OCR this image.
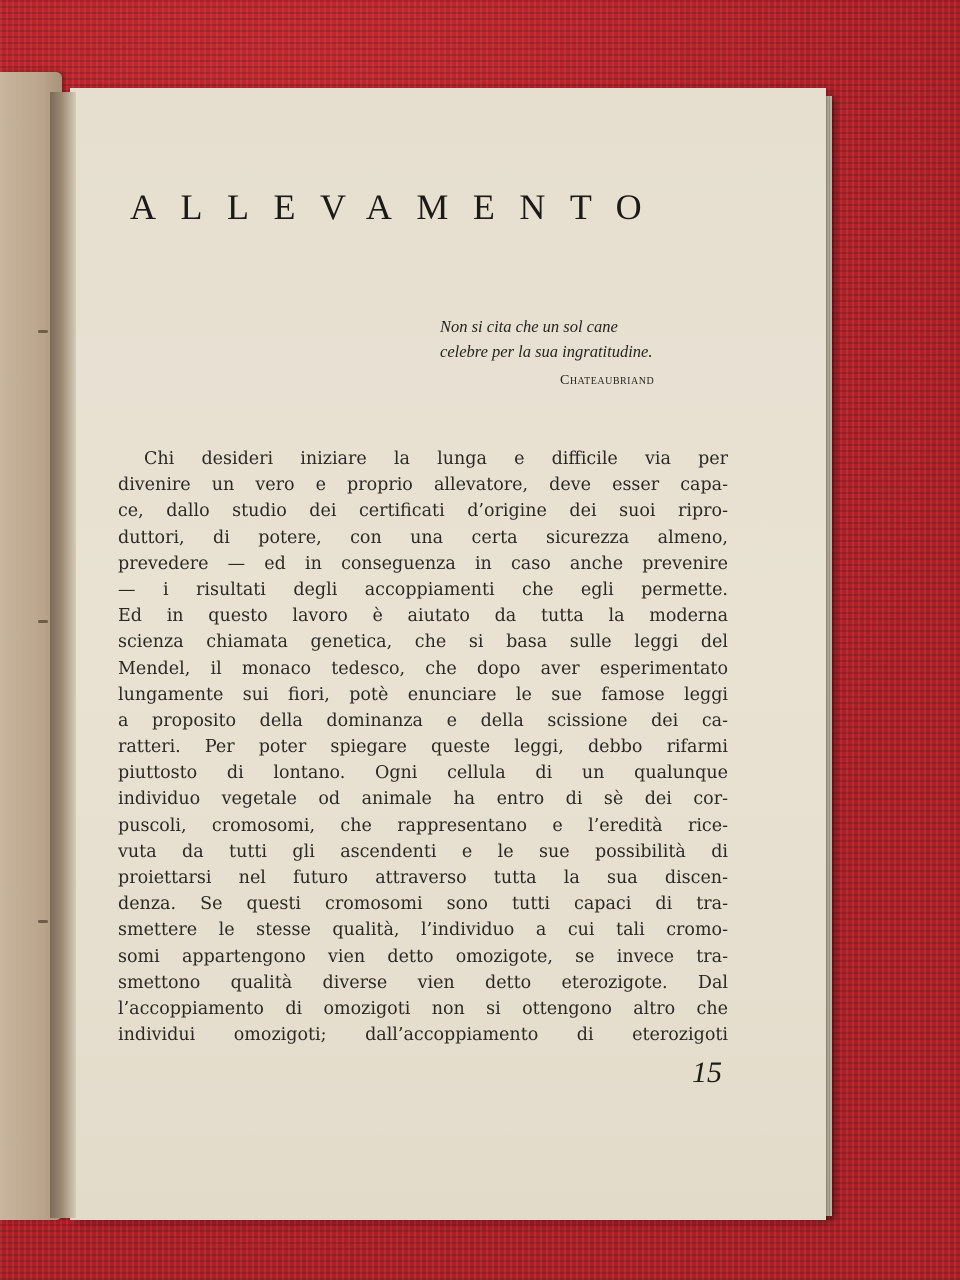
ALLEVAMENTO
Non si cita che un sol cane
celebre per la sua ingratitudine.
Chateaubriand
Chi desideri iniziare la lunga e difficile via per
divenire un vero e proprio allevatore, deve esser capa-
ce, dallo studio dei certificati d’origine dei suoi ripro-
duttori, di potere, con una certa sicurezza almeno,
prevedere — ed in conseguenza in caso anche prevenire
— i risultati degli accoppiamenti che egli permette.
Ed in questo lavoro è aiutato da tutta la moderna
scienza chiamata genetica, che si basa sulle leggi del
Mendel, il monaco tedesco, che dopo aver esperimentato
lungamente sui fiori, potè enunciare le sue famose leggi
a proposito della dominanza e della scissione dei ca-
ratteri. Per poter spiegare queste leggi, debbo rifarmi
piuttosto di lontano. Ogni cellula di un qualunque
individuo vegetale od animale ha entro di sè dei cor-
puscoli, cromosomi, che rappresentano e l’eredità rice-
vuta da tutti gli ascendenti e le sue possibilità di
proiettarsi nel futuro attraverso tutta la sua discen-
denza. Se questi cromosomi sono tutti capaci di tra-
smettere le stesse qualità, l’individuo a cui tali cromo-
somi appartengono vien detto omozigote, se invece tra-
smettono qualità diverse vien detto eterozigote. Dal
l’accoppiamento di omozigoti non si ottengono altro che
individui omozigoti; dall’accoppiamento di eterozigoti
15
